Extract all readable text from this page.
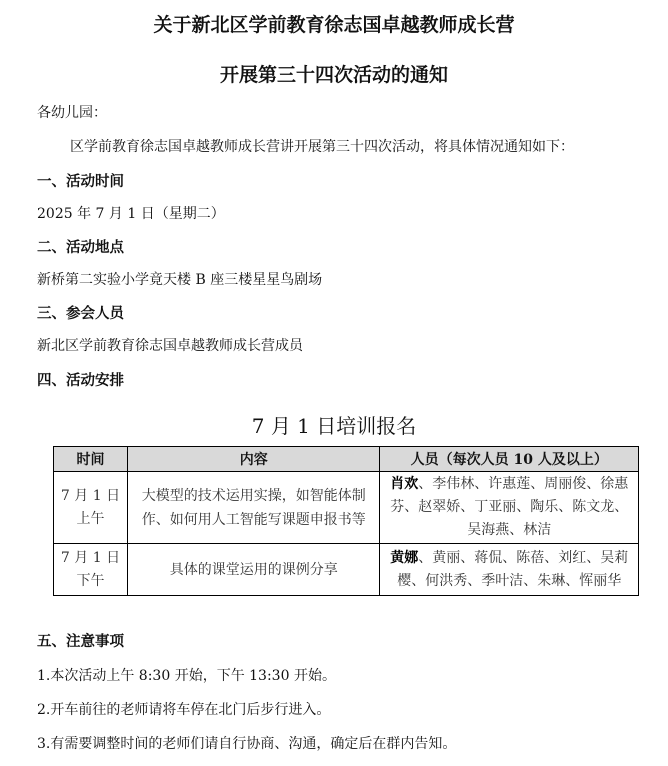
关于新北区学前教育徐志国卓越教师成长营
开展第三十四次活动的通知
各幼儿园：
区学前教育徐志国卓越教师成长营讲开展第三十四次活动，将具体情况通知如下：
一、活动时间
2025 年 7 月 1 日（星期二）
二、活动地点
新桥第二实验小学竟天楼 B 座三楼星星鸟剧场
三、参会人员
新北区学前教育徐志国卓越教师成长营成员
四、活动安排
7 月 1 日培训报名
时间	内容	人员（每次人员 10 人及以上）
7 月 1 日
上午	大模型的技术运用实操，如智能体制
作、如何用人工智能写课题申报书等	肖欢、李伟林、许惠莲、周丽俊、徐惠
芬、赵翠娇、丁亚丽、陶乐、陈文龙、
吴海燕、林洁
7 月 1 日
下午	具体的课堂运用的课例分享	黄娜、黄丽、蒋侃、陈蓓、刘红、吴莉
樱、何洪秀、季叶洁、朱琳、恽丽华
五、注意事项
1.本次活动上午 8:30 开始，下午 13:30 开始。
2.开车前往的老师请将车停在北门后步行进入。
3.有需要调整时间的老师们请自行协商、沟通，确定后在群内告知。
